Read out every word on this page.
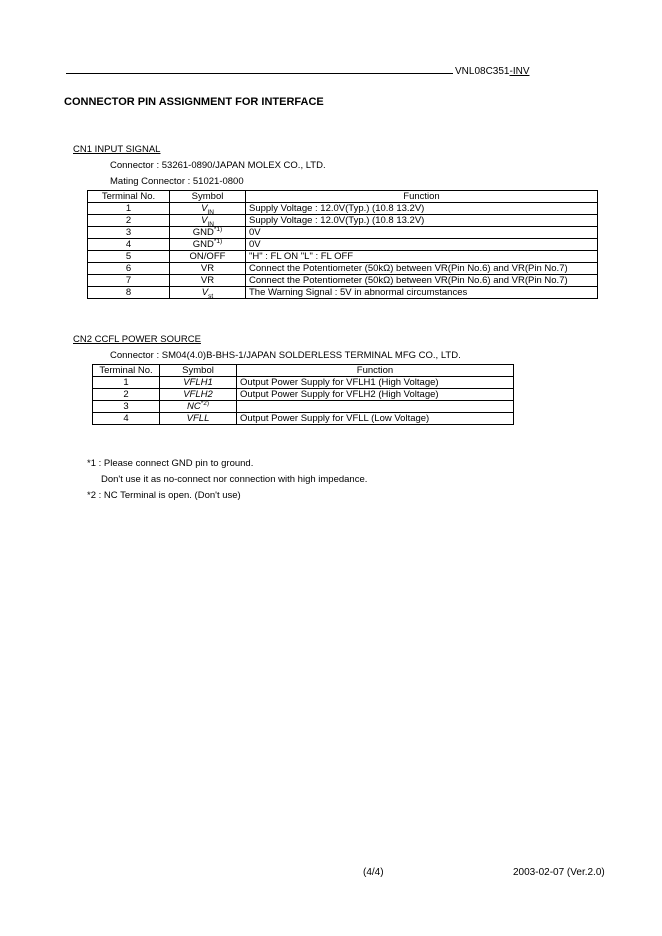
VNL08C351-INV
CONNECTOR PIN ASSIGNMENT FOR INTERFACE
CN1 INPUT SIGNAL
Connector : 53261-0890/JAPAN MOLEX CO., LTD.
Mating Connector : 51021-0800
Terminal No.	Symbol	Function
1	$V_{IN}$	Supply Voltage : 12.0V(Typ.) (10.8 13.2V)
2	$V_{IN}$	Supply Voltage : 12.0V(Typ.) (10.8 13.2V)
3	GND$^{*1)}$	0V
4	GND$^{*1)}$	0V
5	ON/OFF	"H" : FL ON "L" : FL OFF
6	VR	Connect the Potentiometer (50kΩ) between VR(Pin No.6) and VR(Pin No.7)
7	VR	Connect the Potentiometer (50kΩ) between VR(Pin No.6) and VR(Pin No.7)
8	$V_{st}$	The Warning Signal : 5V in abnormal circumstances
CN2 CCFL POWER SOURCE
Connector : SM04(4.0)B-BHS-1/JAPAN SOLDERLESS TERMINAL MFG CO., LTD.
Terminal No.	Symbol	Function
1	VFLH1	Output Power Supply for VFLH1 (High Voltage)
2	VFLH2	Output Power Supply for VFLH2 (High Voltage)
3	NC$^{*2)}$	
4	VFLL	Output Power Supply for VFLL (Low Voltage)
*1 : Please connect GND pin to ground.
Don't use it as no-connect nor connection with high impedance.
*2 : NC Terminal is open. (Don't use)
(4/4)	2003-02-07 (Ver.2.0)
